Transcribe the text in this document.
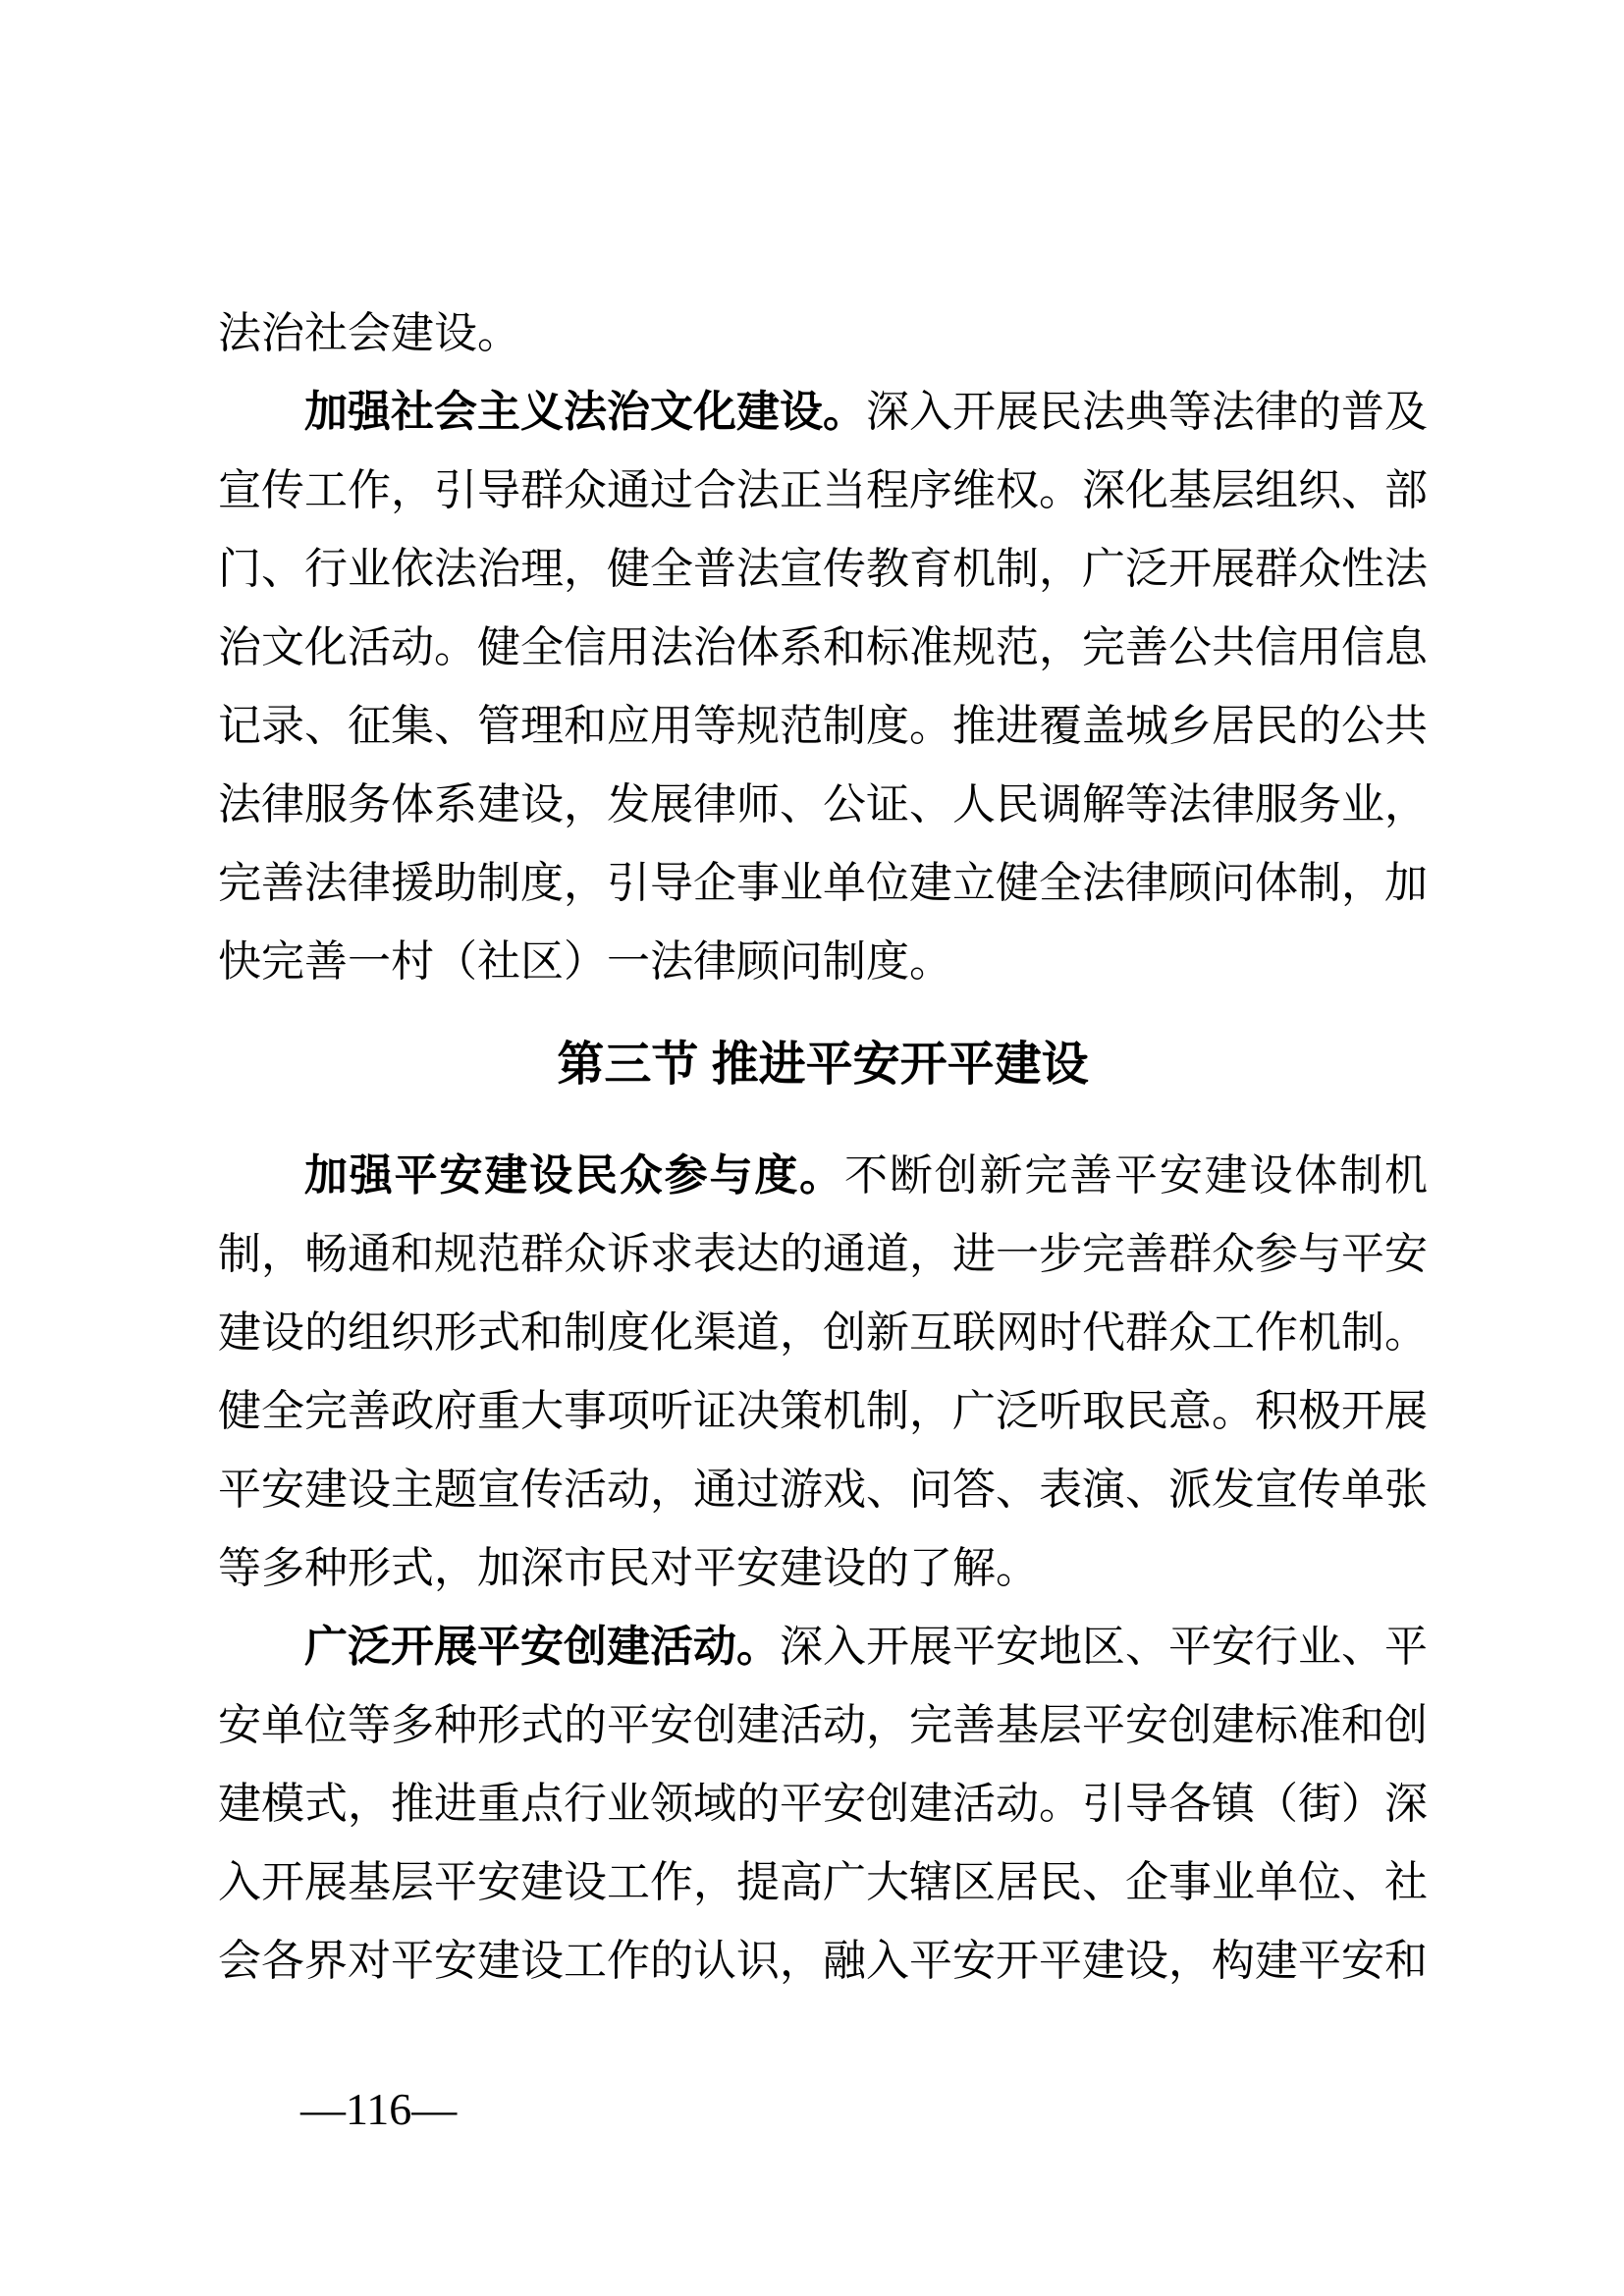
法治社会建设。

加强社会主义法治文化建设。深入开展民法典等法律的普及宣传工作，引导群众通过合法正当程序维权。深化基层组织、部门、行业依法治理，健全普法宣传教育机制，广泛开展群众性法治文化活动。健全信用法治体系和标准规范，完善公共信用信息记录、征集、管理和应用等规范制度。推进覆盖城乡居民的公共法律服务体系建设，发展律师、公证、人民调解等法律服务业，完善法律援助制度，引导企事业单位建立健全法律顾问体制，加快完善一村（社区）一法律顾问制度。

第三节 推进平安开平建设

加强平安建设民众参与度。不断创新完善平安建设体制机制，畅通和规范群众诉求表达的通道，进一步完善群众参与平安建设的组织形式和制度化渠道，创新互联网时代群众工作机制。健全完善政府重大事项听证决策机制，广泛听取民意。积极开展平安建设主题宣传活动，通过游戏、问答、表演、派发宣传单张等多种形式，加深市民对平安建设的了解。

广泛开展平安创建活动。深入开展平安地区、平安行业、平安单位等多种形式的平安创建活动，完善基层平安创建标准和创建模式，推进重点行业领域的平安创建活动。引导各镇（街）深入开展基层平安建设工作，提高广大辖区居民、企事业单位、社会各界对平安建设工作的认识，融入平安开平建设，构建平安和

—116—
